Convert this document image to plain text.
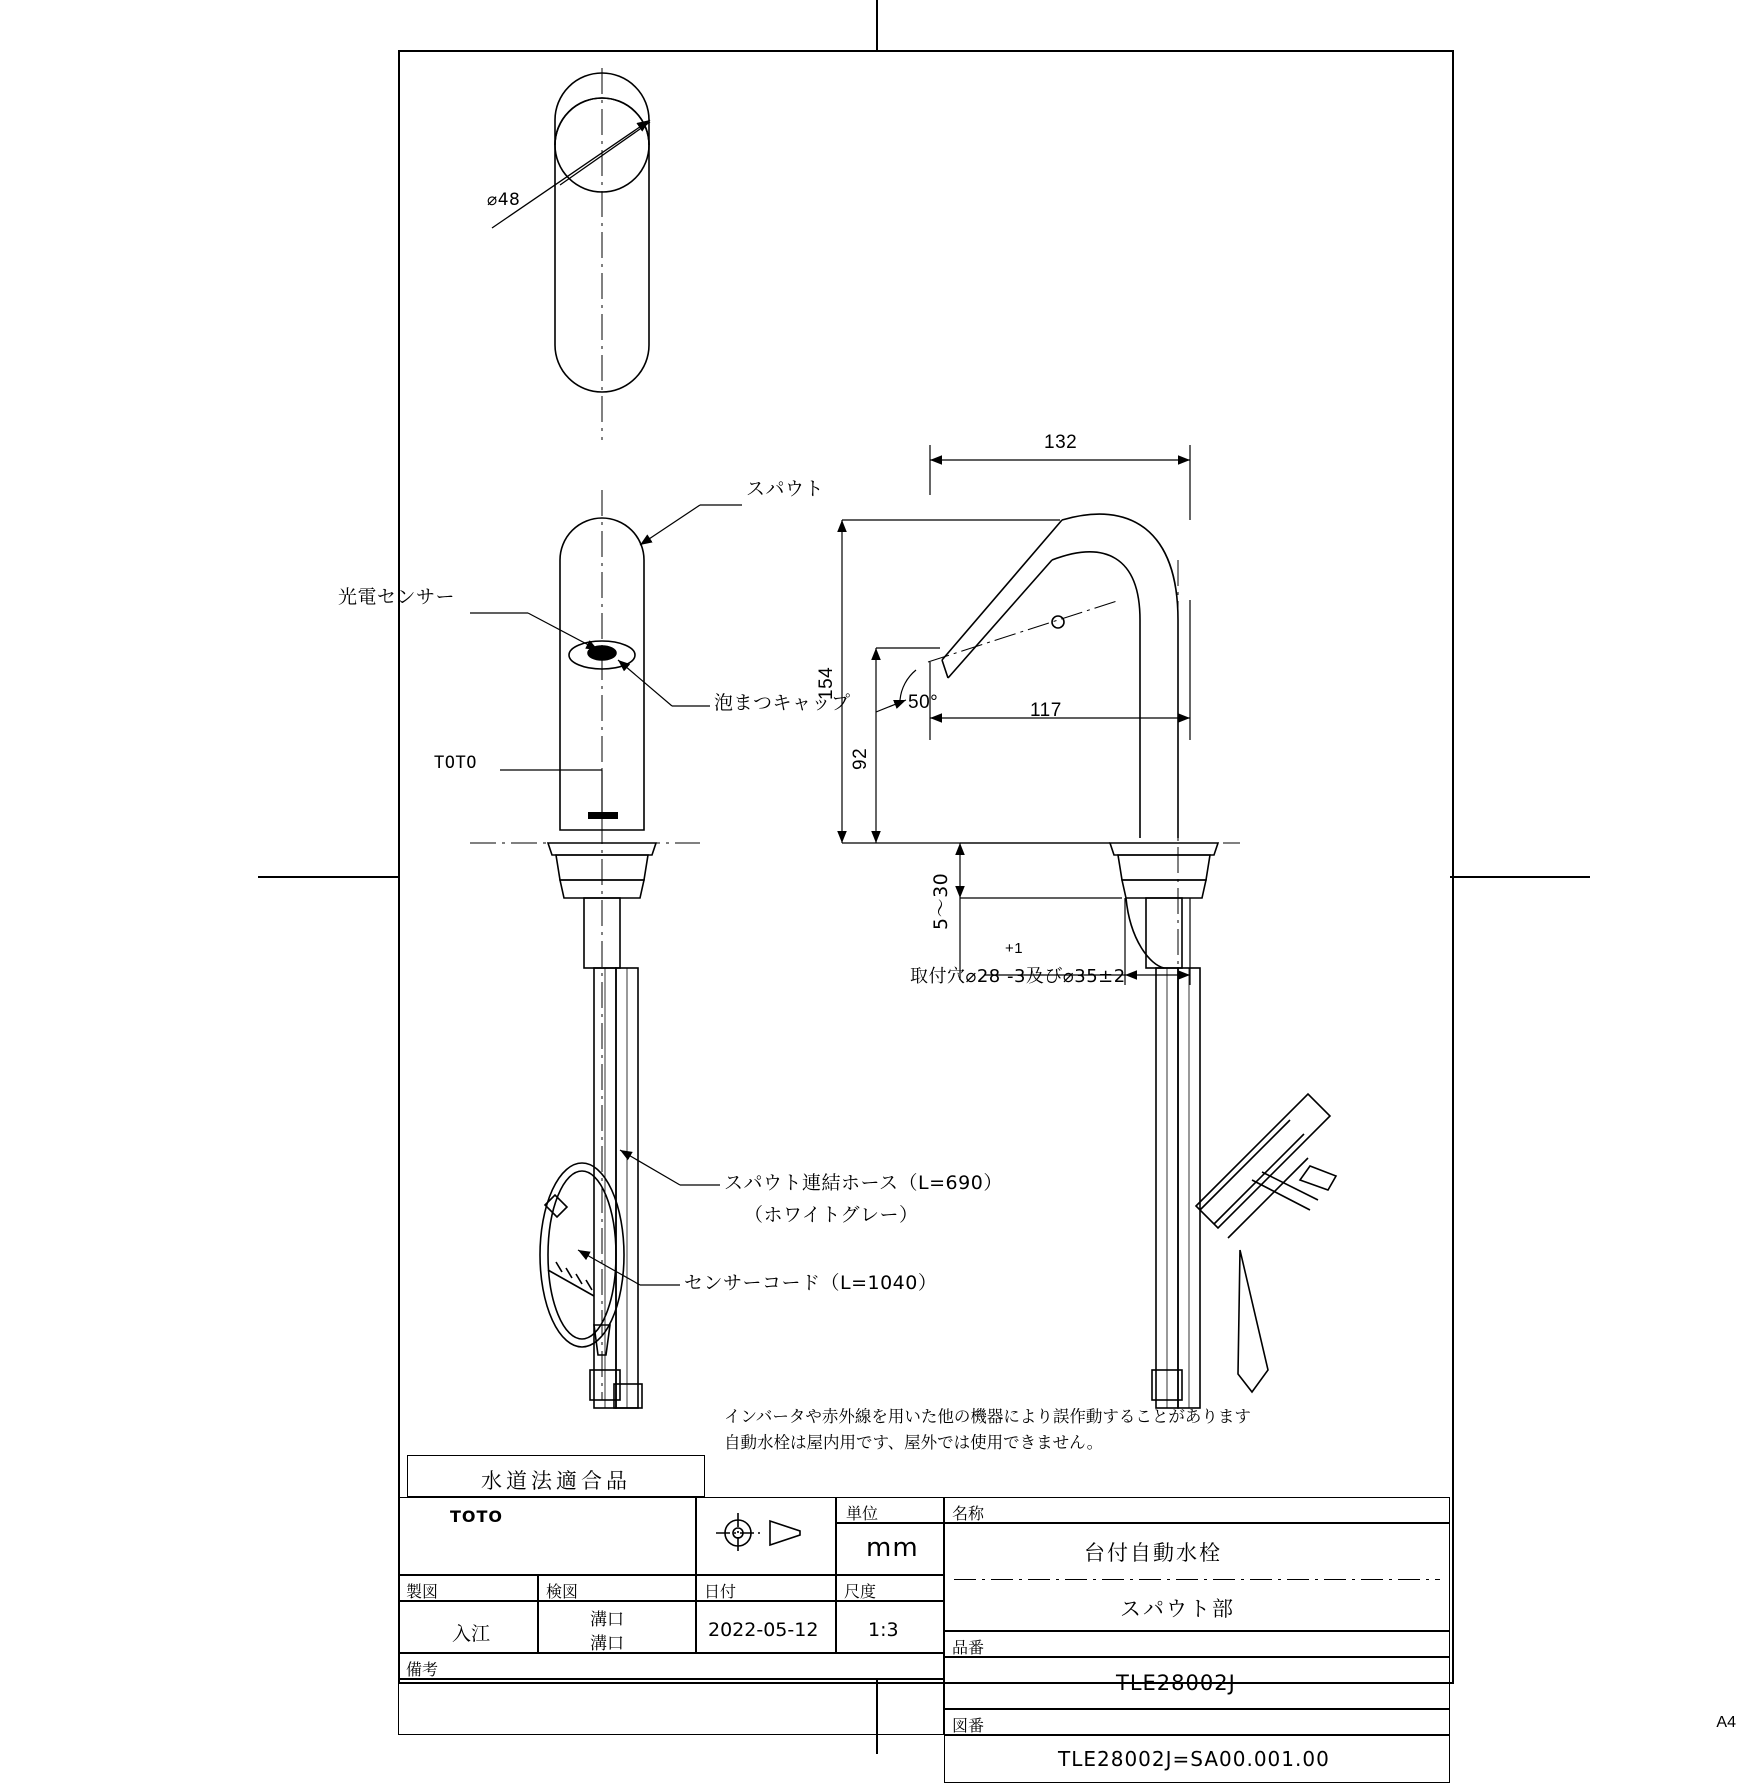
⌀48
スパウト
光電センサー
泡まつキャップ
TOTO
スパウト連結ホース（L=690）
（ホワイトグレー）
センサーコード（L=1040）
132
154
92
117
50°
5〜30
+1
取付穴⌀28 -3及び⌀35±2
インバータや赤外線を用いた他の機器により誤作動することがあります
自動水栓は屋内用です、屋外では使用できません。
水道法適合品
TOTO	単位
mm
名称
台付自動水栓
スパウト部
製図
入江
検図
溝口
溝口
日付
2022-05-12
尺度
1:3
品番
TLE28002J
備考
図番
TLE28002J=SA00.001.00
A4
